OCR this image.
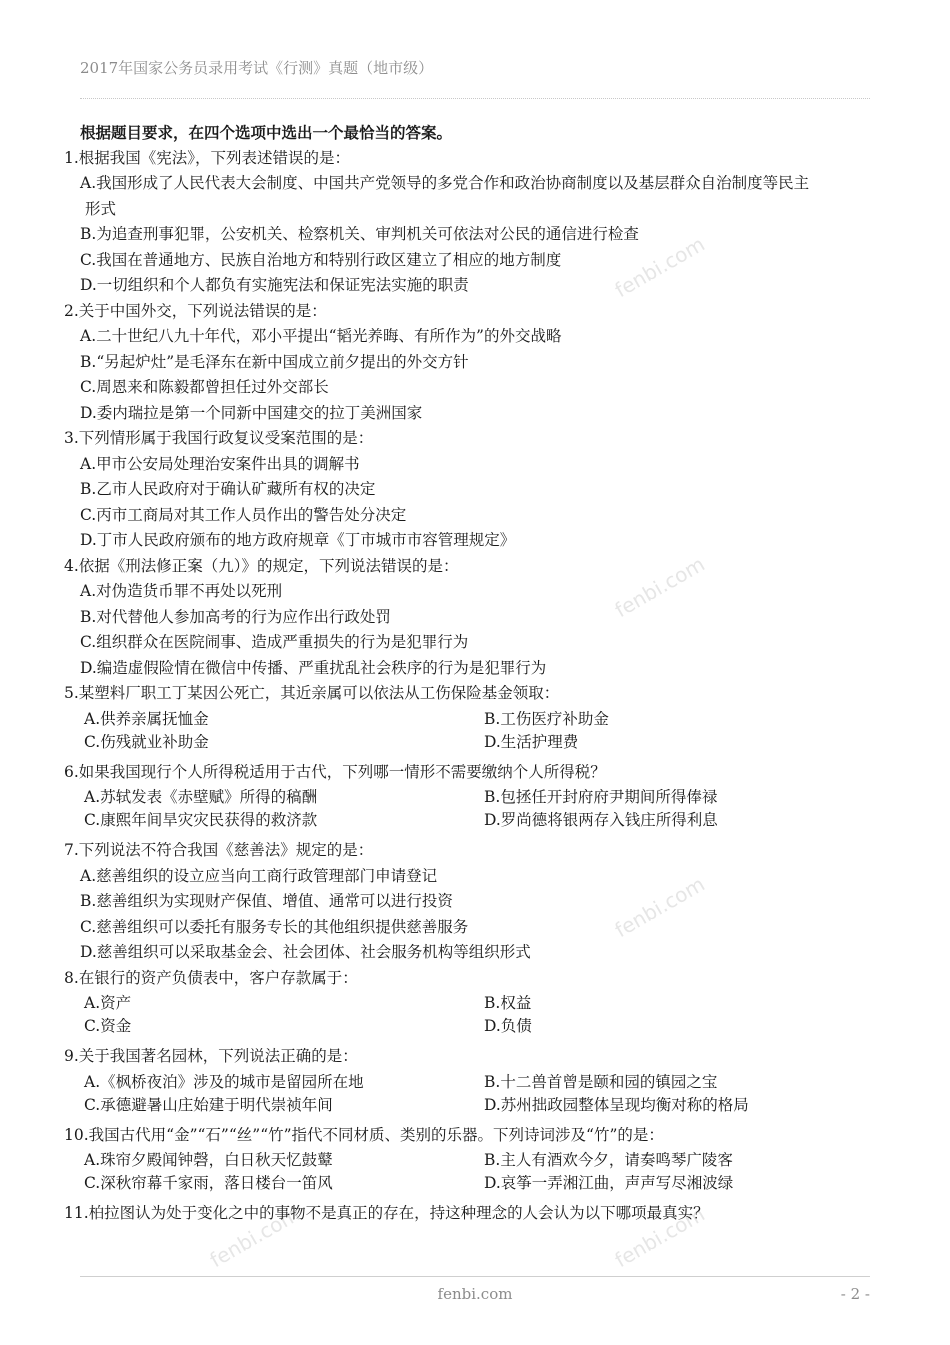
2017年国家公务员录用考试《行测》真题（地市级）
fenbi.com
fenbi.com
fenbi.com
fenbi.com	fenbi.com
根据题目要求，在四个选项中选出一个最恰当的答案。
1.根据我国《宪法》，下列表述错误的是：
A.我国形成了人民代表大会制度、中国共产党领导的多党合作和政治协商制度以及基层群众自治制度等民主
形式
B.为追查刑事犯罪，公安机关、检察机关、审判机关可依法对公民的通信进行检查
C.我国在普通地方、民族自治地方和特别行政区建立了相应的地方制度
D.一切组织和个人都负有实施宪法和保证宪法实施的职责
2.关于中国外交，下列说法错误的是：
A.二十世纪八九十年代，邓小平提出“韬光养晦、有所作为”的外交战略
B.“另起炉灶”是毛泽东在新中国成立前夕提出的外交方针
C.周恩来和陈毅都曾担任过外交部长
D.委内瑞拉是第一个同新中国建交的拉丁美洲国家
3.下列情形属于我国行政复议受案范围的是：
A.甲市公安局处理治安案件出具的调解书
B.乙市人民政府对于确认矿藏所有权的决定
C.丙市工商局对其工作人员作出的警告处分决定
D.丁市人民政府颁布的地方政府规章《丁市城市市容管理规定》
4.依据《刑法修正案（九）》的规定，下列说法错误的是：
A.对伪造货币罪不再处以死刑
B.对代替他人参加高考的行为应作出行政处罚
C.组织群众在医院闹事、造成严重损失的行为是犯罪行为
D.编造虚假险情在微信中传播、严重扰乱社会秩序的行为是犯罪行为
5.某塑料厂职工丁某因公死亡，其近亲属可以依法从工伤保险基金领取：
A.供养亲属抚恤金	B.工伤医疗补助金
C.伤残就业补助金	D.生活护理费
6.如果我国现行个人所得税适用于古代，下列哪一情形不需要缴纳个人所得税？
A.苏轼发表《赤壁赋》所得的稿酬	B.包拯任开封府府尹期间所得俸禄
C.康熙年间旱灾灾民获得的救济款	D.罗尚德将银两存入钱庄所得利息
7.下列说法不符合我国《慈善法》规定的是：
A.慈善组织的设立应当向工商行政管理部门申请登记
B.慈善组织为实现财产保值、增值、通常可以进行投资
C.慈善组织可以委托有服务专长的其他组织提供慈善服务
D.慈善组织可以采取基金会、社会团体、社会服务机构等组织形式
8.在银行的资产负债表中，客户存款属于：
A.资产	B.权益
C.资金	D.负债
9.关于我国著名园林，下列说法正确的是：
A.《枫桥夜泊》涉及的城市是留园所在地	B.十二兽首曾是颐和园的镇园之宝
C.承德避暑山庄始建于明代崇祯年间	D.苏州拙政园整体呈现均衡对称的格局
10.我国古代用“金”“石”“丝”“竹”指代不同材质、类别的乐器。下列诗词涉及“竹”的是：
A.珠帘夕殿闻钟磬，白日秋天忆鼓鼙	B.主人有酒欢今夕，请奏鸣琴广陵客
C.深秋帘幕千家雨，落日楼台一笛风	D.哀筝一弄湘江曲，声声写尽湘波绿
11.柏拉图认为处于变化之中的事物不是真正的存在，持这种理念的人会认为以下哪项最真实？
fenbi.com	- 2 -
